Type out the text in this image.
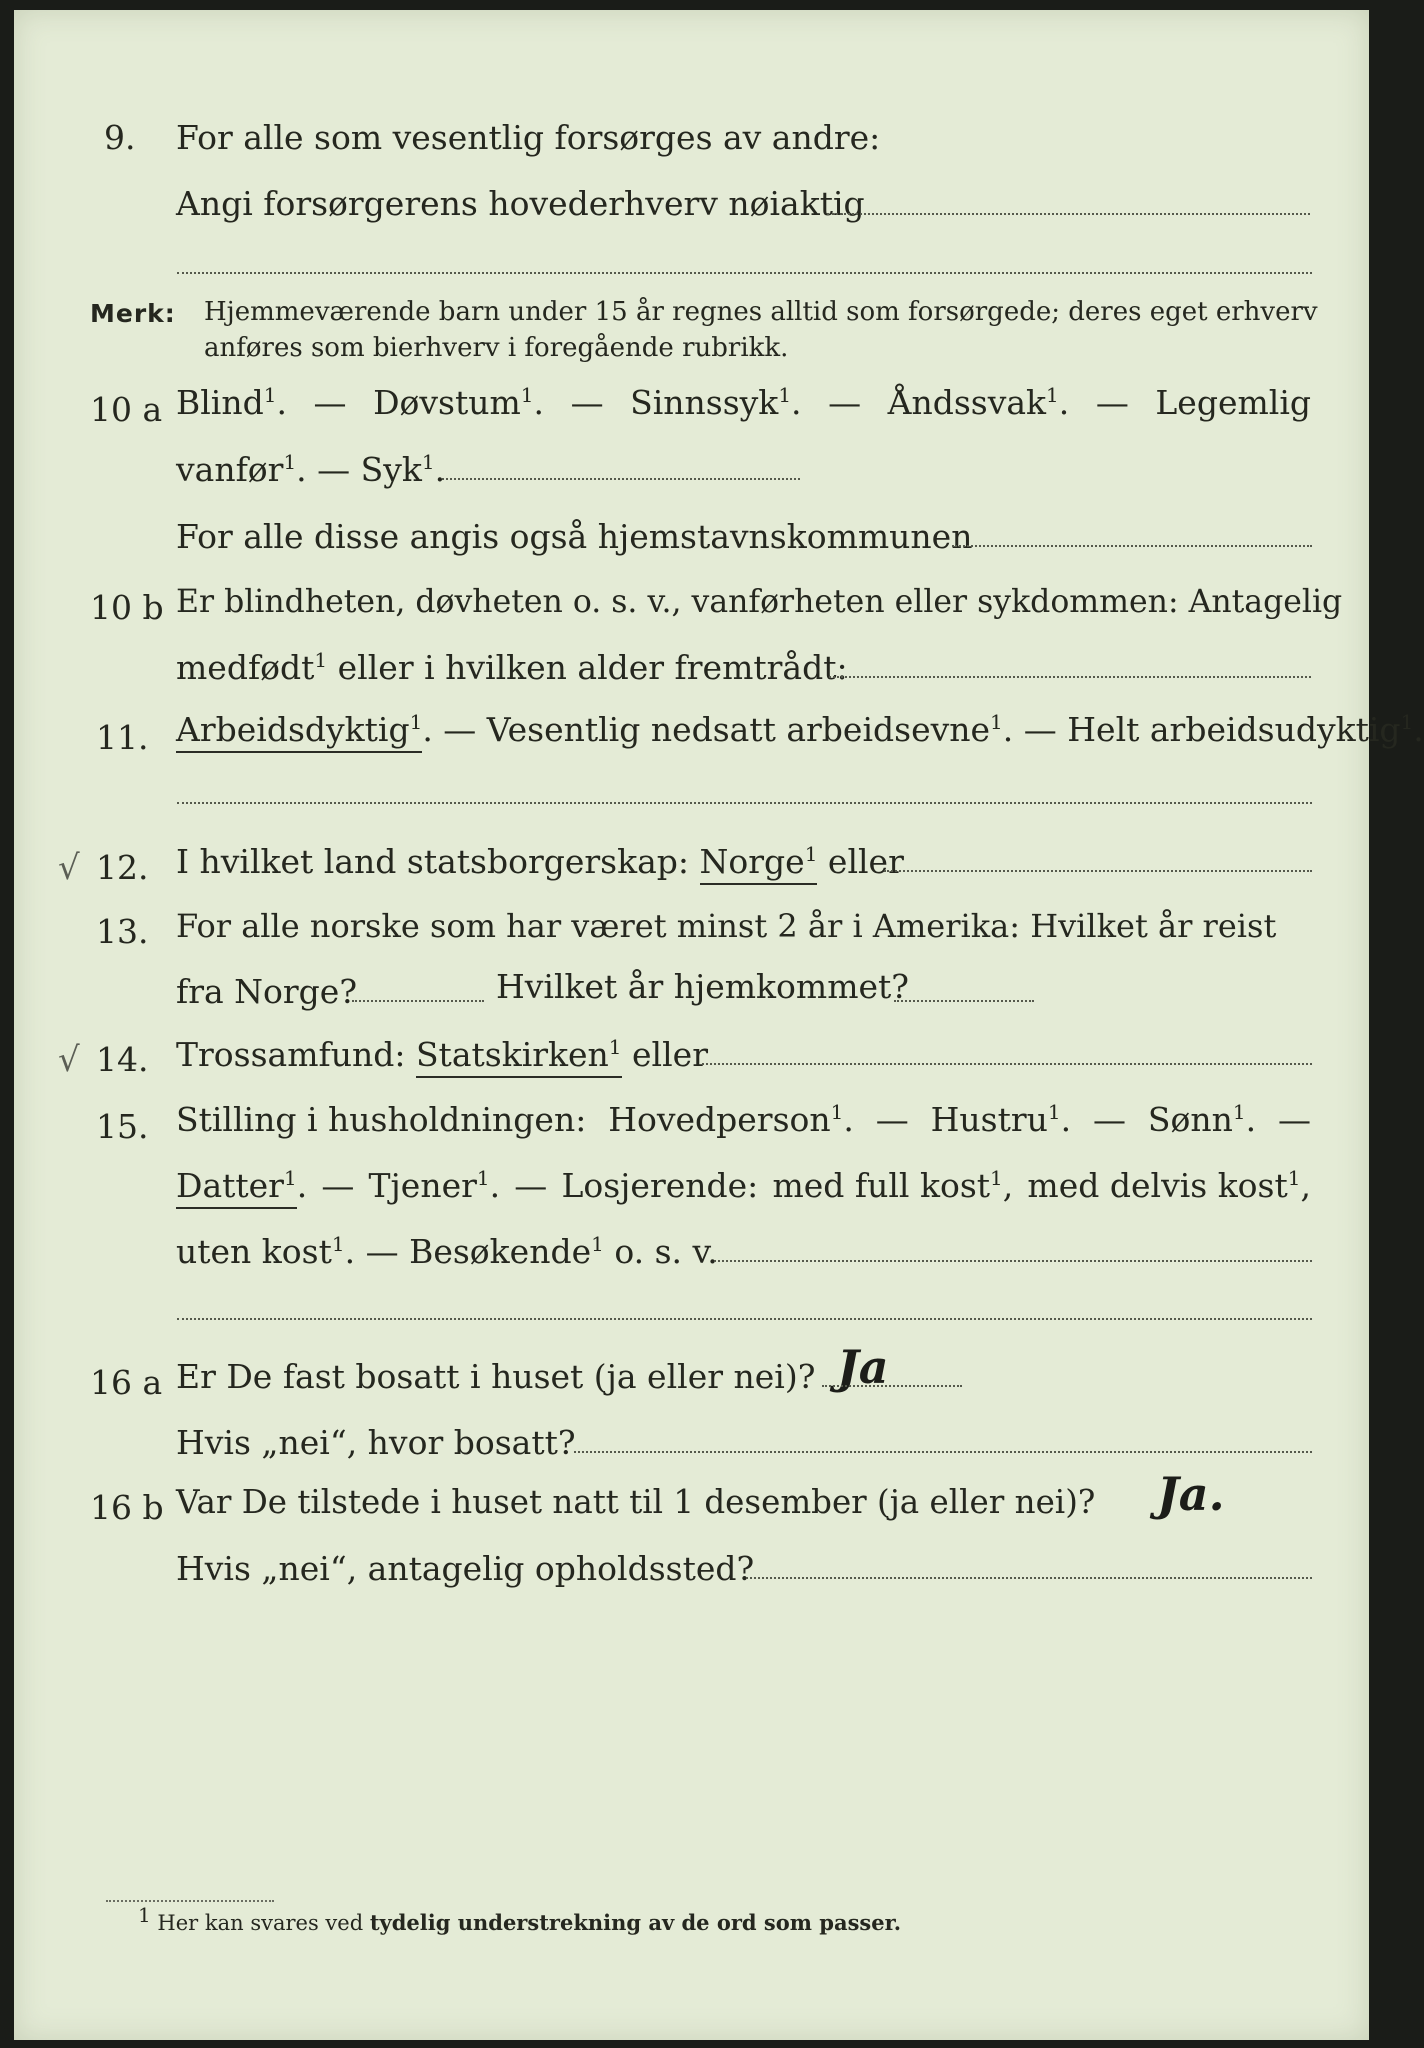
9. For alle som vesentlig forsørges av andre:
Angi forsørgerens hovederhverv nøiaktig
Merk: Hjemmeværende barn under 15 år regnes alltid som forsørgede; deres eget erhverv
anføres som bierhverv i foregående rubrikk.
10 a Blind$^1$. — Døvstum$^1$. — Sinnssyk$^1$. — Åndssvak$^1$. — Legemlig
vanfør$^1$. — Syk$^1$.
For alle disse angis også hjemstavnskommunen
10 b Er blindheten, døvheten o. s. v., vanførheten eller sykdommen: Antagelig
medfødt$^1$ eller i hvilken alder fremtrådt:
11. Arbeidsdyktig$^1$. — Vesentlig nedsatt arbeidsevne$^1$. — Helt arbeidsudyktig$^1$.
√ 12. I hvilket land statsborgerskap: Norge$^1$ eller
13. For alle norske som har været minst 2 år i Amerika: Hvilket år reist
fra Norge?	Hvilket år hjemkommet?
√ 14. Trossamfund: Statskirken$^1$ eller
15. Stilling i husholdningen: Hovedperson$^1$. — Hustru$^1$. — Sønn$^1$. —
Datter$^1$. — Tjener$^1$. — Losjerende: med full kost$^1$, med delvis kost$^1$,
uten kost$^1$. — Besøkende$^1$ o. s. v.
16 a Er De fast bosatt i huset (ja eller nei)? Ja
Hvis „nei“, hvor bosatt?
16 b Var De tilstede i huset natt til 1 desember (ja eller nei)? Ja.
Hvis „nei“, antagelig opholdssted?
1 Her kan svares ved tydelig understrekning av de ord som passer.
